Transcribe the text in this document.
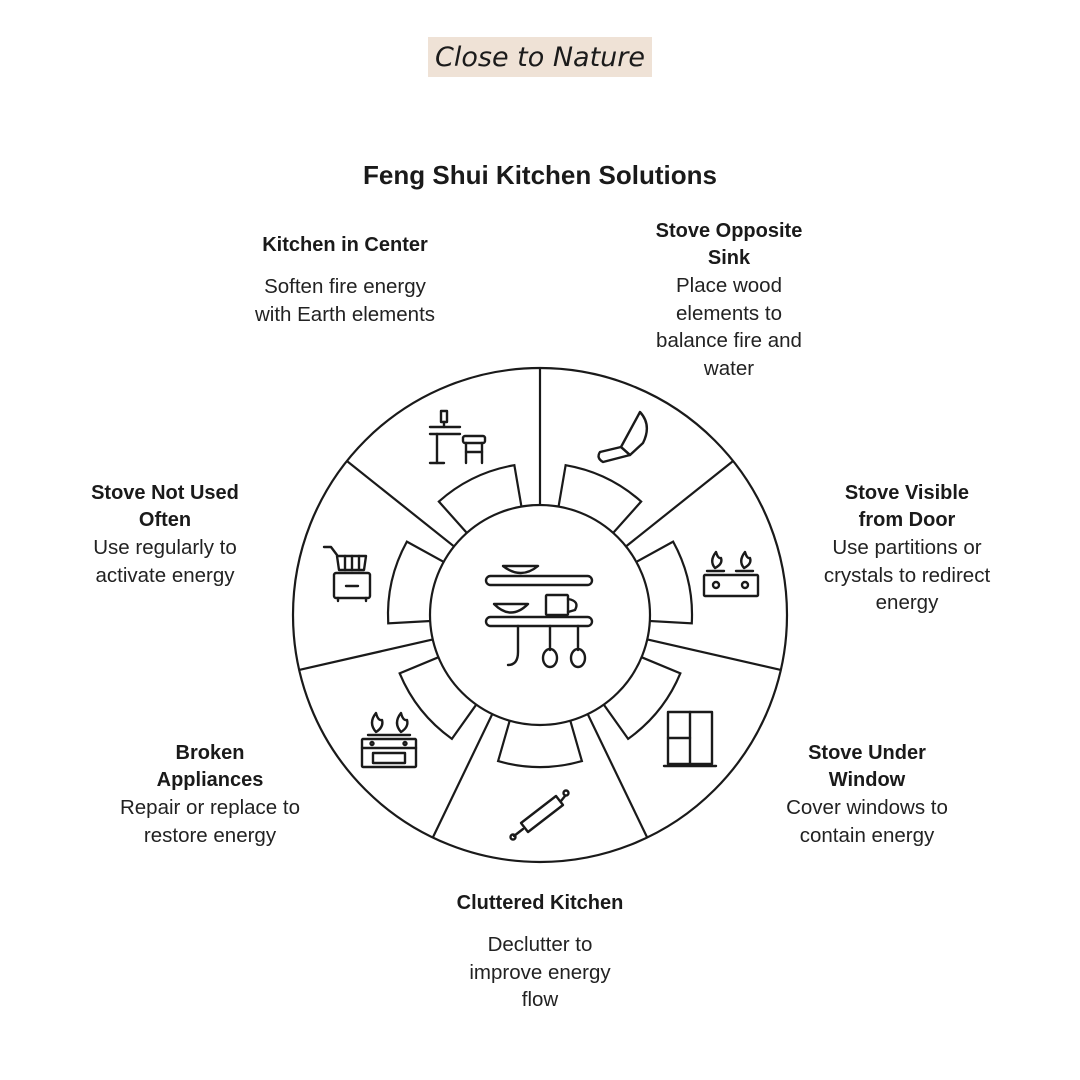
Close to Nature
Feng Shui Kitchen Solutions
Kitchen in Center
Soften fire energy with Earth elements
Stove Opposite Sink
Place wood elements to balance fire and water
Stove Visible from Door
Use partitions or crystals to redirect energy
Stove Under Window
Cover windows to contain energy
Cluttered Kitchen
Declutter to improve energy flow
Broken Appliances
Repair or replace to restore energy
Stove Not Used Often
Use regularly to activate energy
